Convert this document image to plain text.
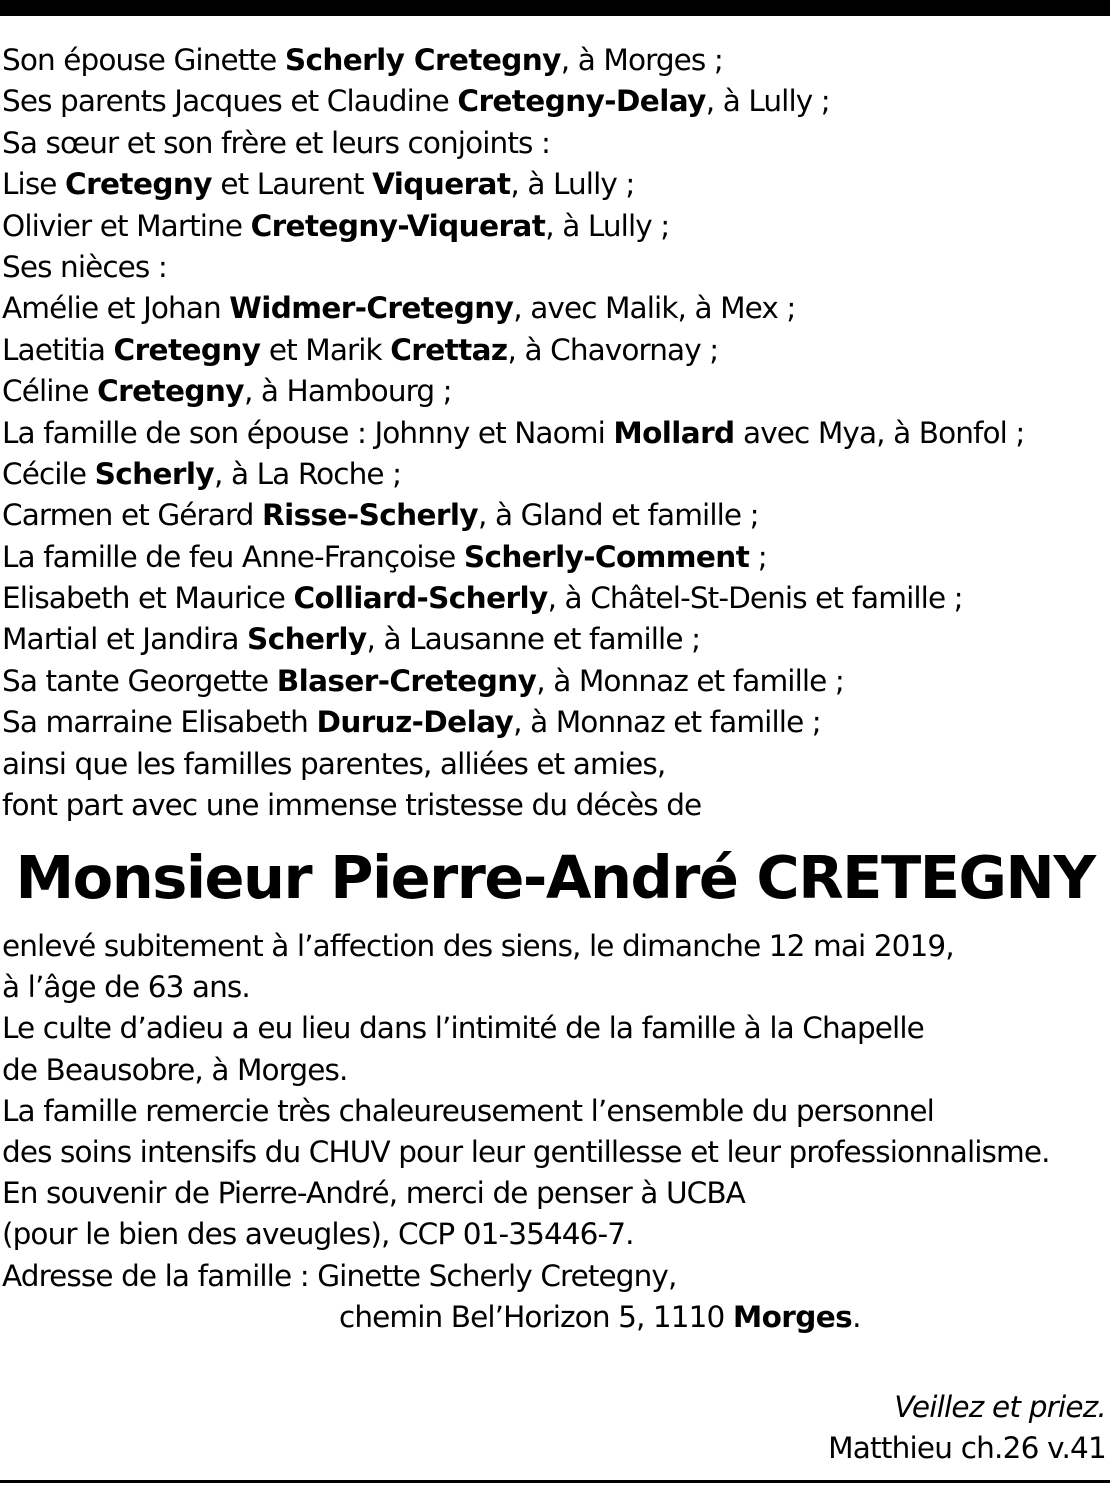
Son épouse Ginette Scherly Cretegny, à Morges ;
Ses parents Jacques et Claudine Cretegny-Delay, à Lully ;
Sa sœur et son frère et leurs conjoints :
Lise Cretegny et Laurent Viquerat, à Lully ;
Olivier et Martine Cretegny-Viquerat, à Lully ;
Ses nièces :
Amélie et Johan Widmer-Cretegny, avec Malik, à Mex ;
Laetitia Cretegny et Marik Crettaz, à Chavornay ;
Céline Cretegny, à Hambourg ;
La famille de son épouse : Johnny et Naomi Mollard avec Mya, à Bonfol ;
Cécile Scherly, à La Roche ;
Carmen et Gérard Risse-Scherly, à Gland et famille ;
La famille de feu Anne-Françoise Scherly-Comment ;
Elisabeth et Maurice Colliard-Scherly, à Châtel-St-Denis et famille ;
Martial et Jandira Scherly, à Lausanne et famille ;
Sa tante Georgette Blaser-Cretegny, à Monnaz et famille ;
Sa marraine Elisabeth Duruz-Delay, à Monnaz et famille ;
ainsi que les familles parentes, alliées et amies,
font part avec une immense tristesse du décès de
Monsieur Pierre-André CRETEGNY
enlevé subitement à l’affection des siens, le dimanche 12 mai 2019,
à l’âge de 63 ans.
Le culte d’adieu a eu lieu dans l’intimité de la famille à la Chapelle
de Beausobre, à Morges.
La famille remercie très chaleureusement l’ensemble du personnel
des soins intensifs du CHUV pour leur gentillesse et leur professionnalisme.
En souvenir de Pierre-André, merci de penser à UCBA
(pour le bien des aveugles), CCP 01-35446-7.
Adresse de la famille : Ginette Scherly Cretegny,
chemin Bel’Horizon 5, 1110 Morges.
Veillez et priez.
Matthieu ch.26 v.41
